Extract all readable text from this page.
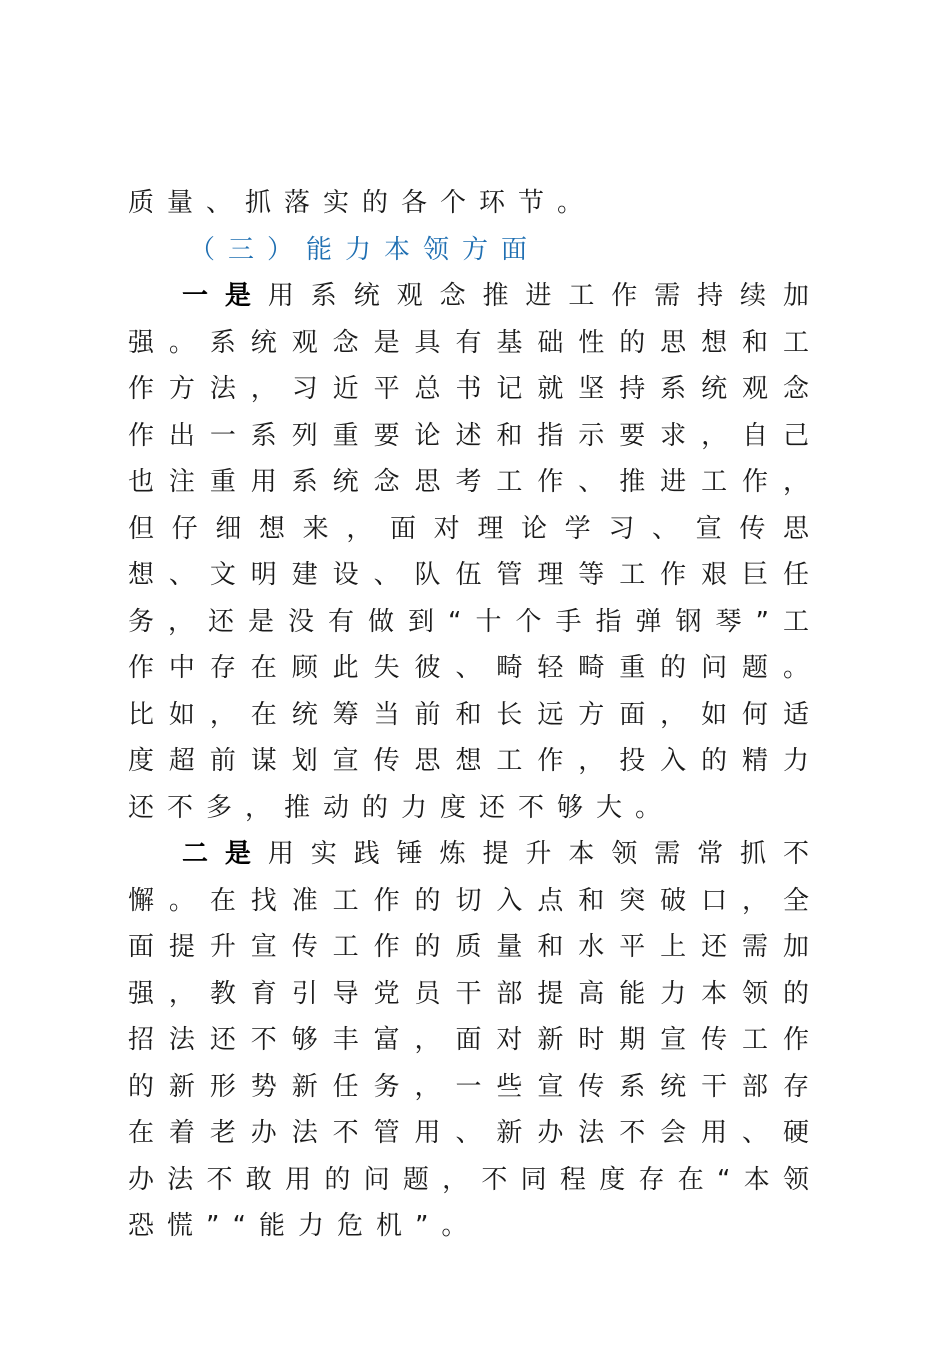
质量、抓落实的各个环节。

（三）能力本领方面

一是用系统观念推进工作需持续加强。系统观念是具有基础性的思想和工作方法，习近平总书记就坚持系统观念作出一系列重要论述和指示要求，自己也注重用系统念思考工作、推进工作，但仔细想来，面对理论学习、宣传思想、文明建设、队伍管理等工作艰巨任务，还是没有做到“十个手指弹钢琴”工作中存在顾此失彼、畸轻畸重的问题。比如，在统筹当前和长远方面，如何适度超前谋划宣传思想工作，投入的精力还不多，推动的力度还不够大。

二是用实践锤炼提升本领需常抓不懈。在找准工作的切入点和突破口，全面提升宣传工作的质量和水平上还需加强，教育引导党员干部提高能力本领的招法还不够丰富，面对新时期宣传工作的新形势新任务，一些宣传系统干部存在着老办法不管用、新办法不会用、硬办法不敢用的问题，不同程度存在“本领恐慌”“能力危机”。
